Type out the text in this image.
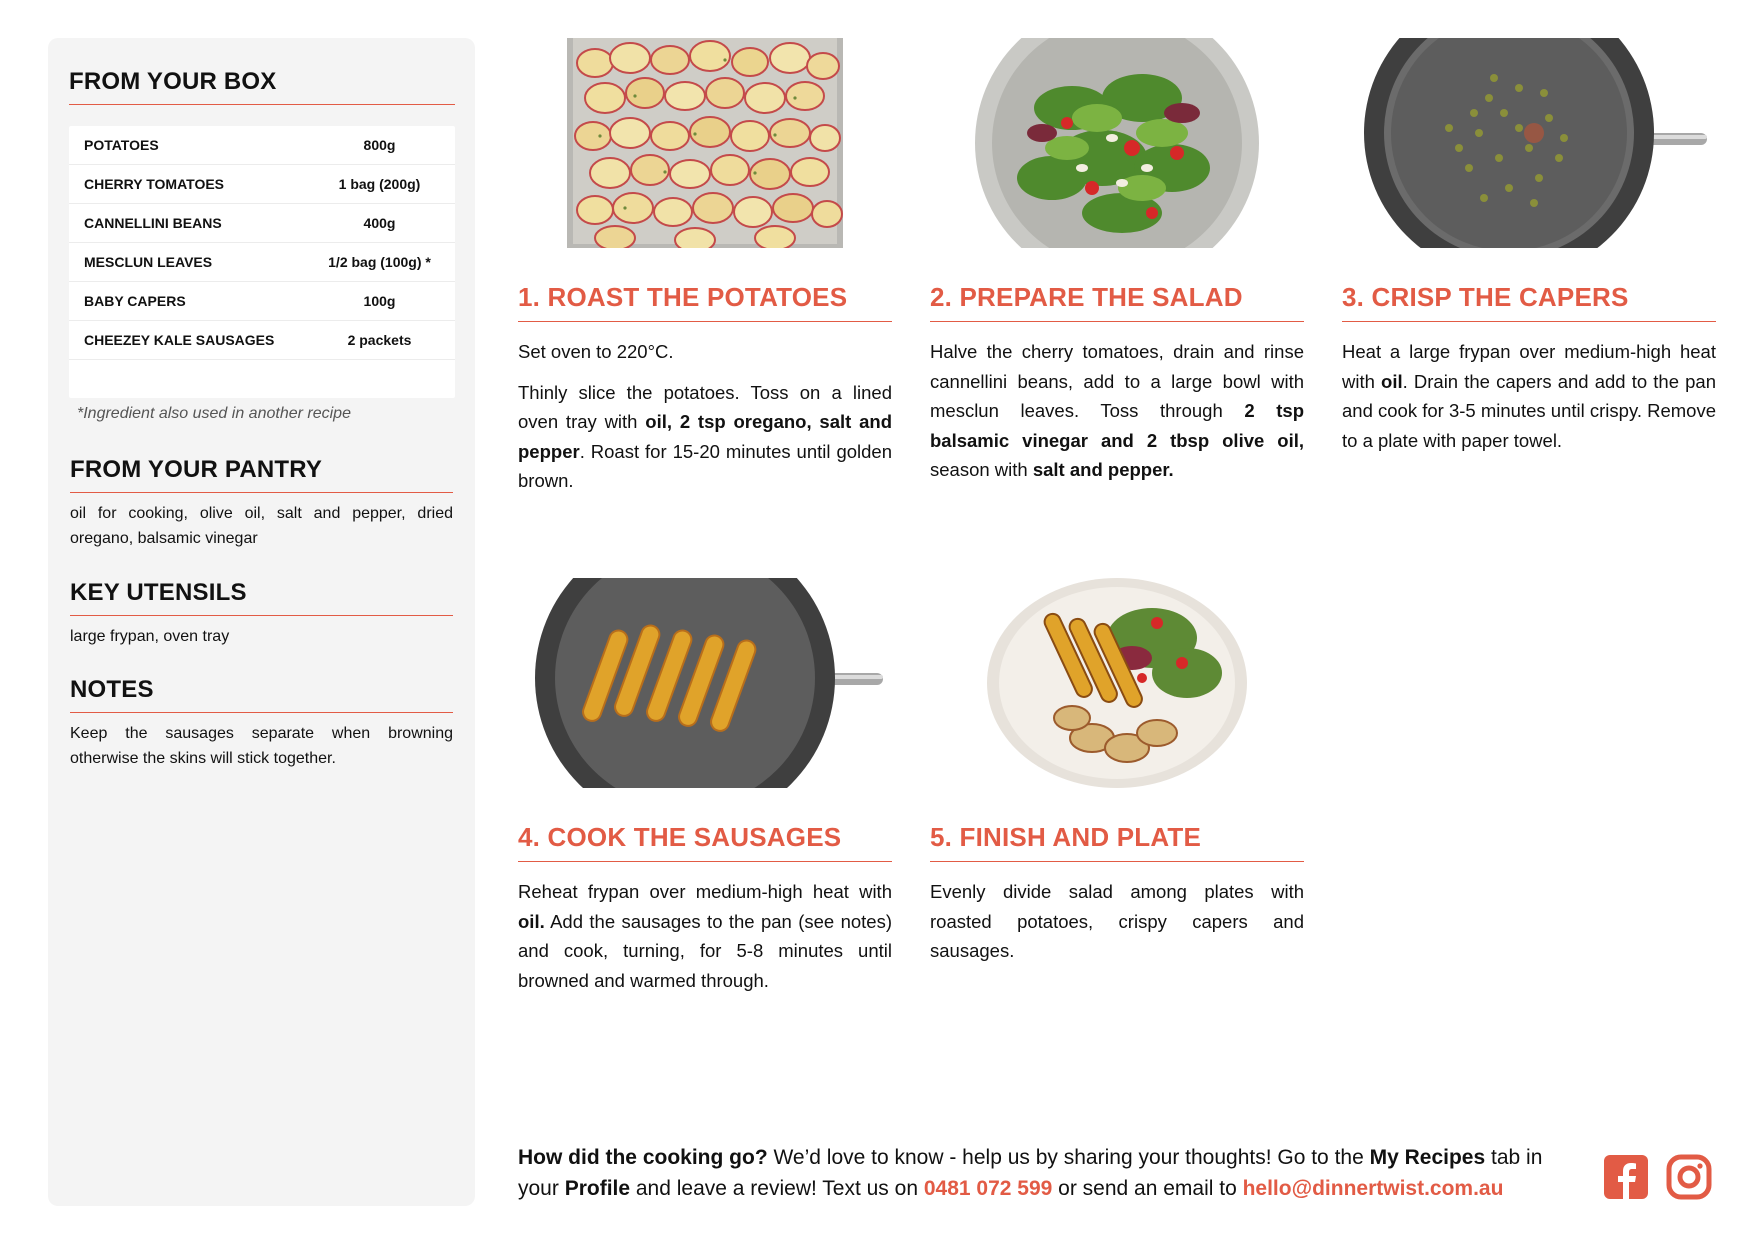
FROM YOUR BOX
POTATOES	800g
CHERRY TOMATOES	1 bag (200g)
CANNELLINI BEANS	400g
MESCLUN LEAVES	1/2 bag (100g) *
BABY CAPERS	100g
CHEEZEY KALE SAUSAGES	2 packets
*Ingredient also used in another recipe
FROM YOUR PANTRY

oil for cooking, olive oil, salt and pepper, dried oregano, balsamic vinegar

KEY UTENSILS

large frypan, oven tray

NOTES

Keep the sausages separate when browning otherwise the skins will stick together.

1. ROAST THE POTATOES

Set oven to 220°C.

Thinly slice the potatoes. Toss on a lined oven tray with oil, 2 tsp oregano, salt and pepper. Roast for 15-20 minutes until golden brown.

2. PREPARE THE SALAD

Halve the cherry tomatoes, drain and rinse cannellini beans, add to a large bowl with mesclun leaves. Toss through 2 tsp balsamic vinegar and 2 tbsp olive oil, season with salt and pepper.

3. CRISP THE CAPERS

Heat a large frypan over medium-high heat with oil. Drain the capers and add to the pan and cook for 3-5 minutes until crispy. Remove to a plate with paper towel.

4. COOK THE SAUSAGES

Reheat frypan over medium-high heat with oil. Add the sausages to the pan (see notes) and cook, turning, for 5-8 minutes until browned and warmed through.

5. FINISH AND PLATE

Evenly divide salad among plates with roasted potatoes, crispy capers and sausages.

How did the cooking go? We’d love to know - help us by sharing your thoughts! Go to the My Recipes tab in your Profile and leave a review! Text us on 0481 072 599 or send an email to hello@dinnertwist.com.au
